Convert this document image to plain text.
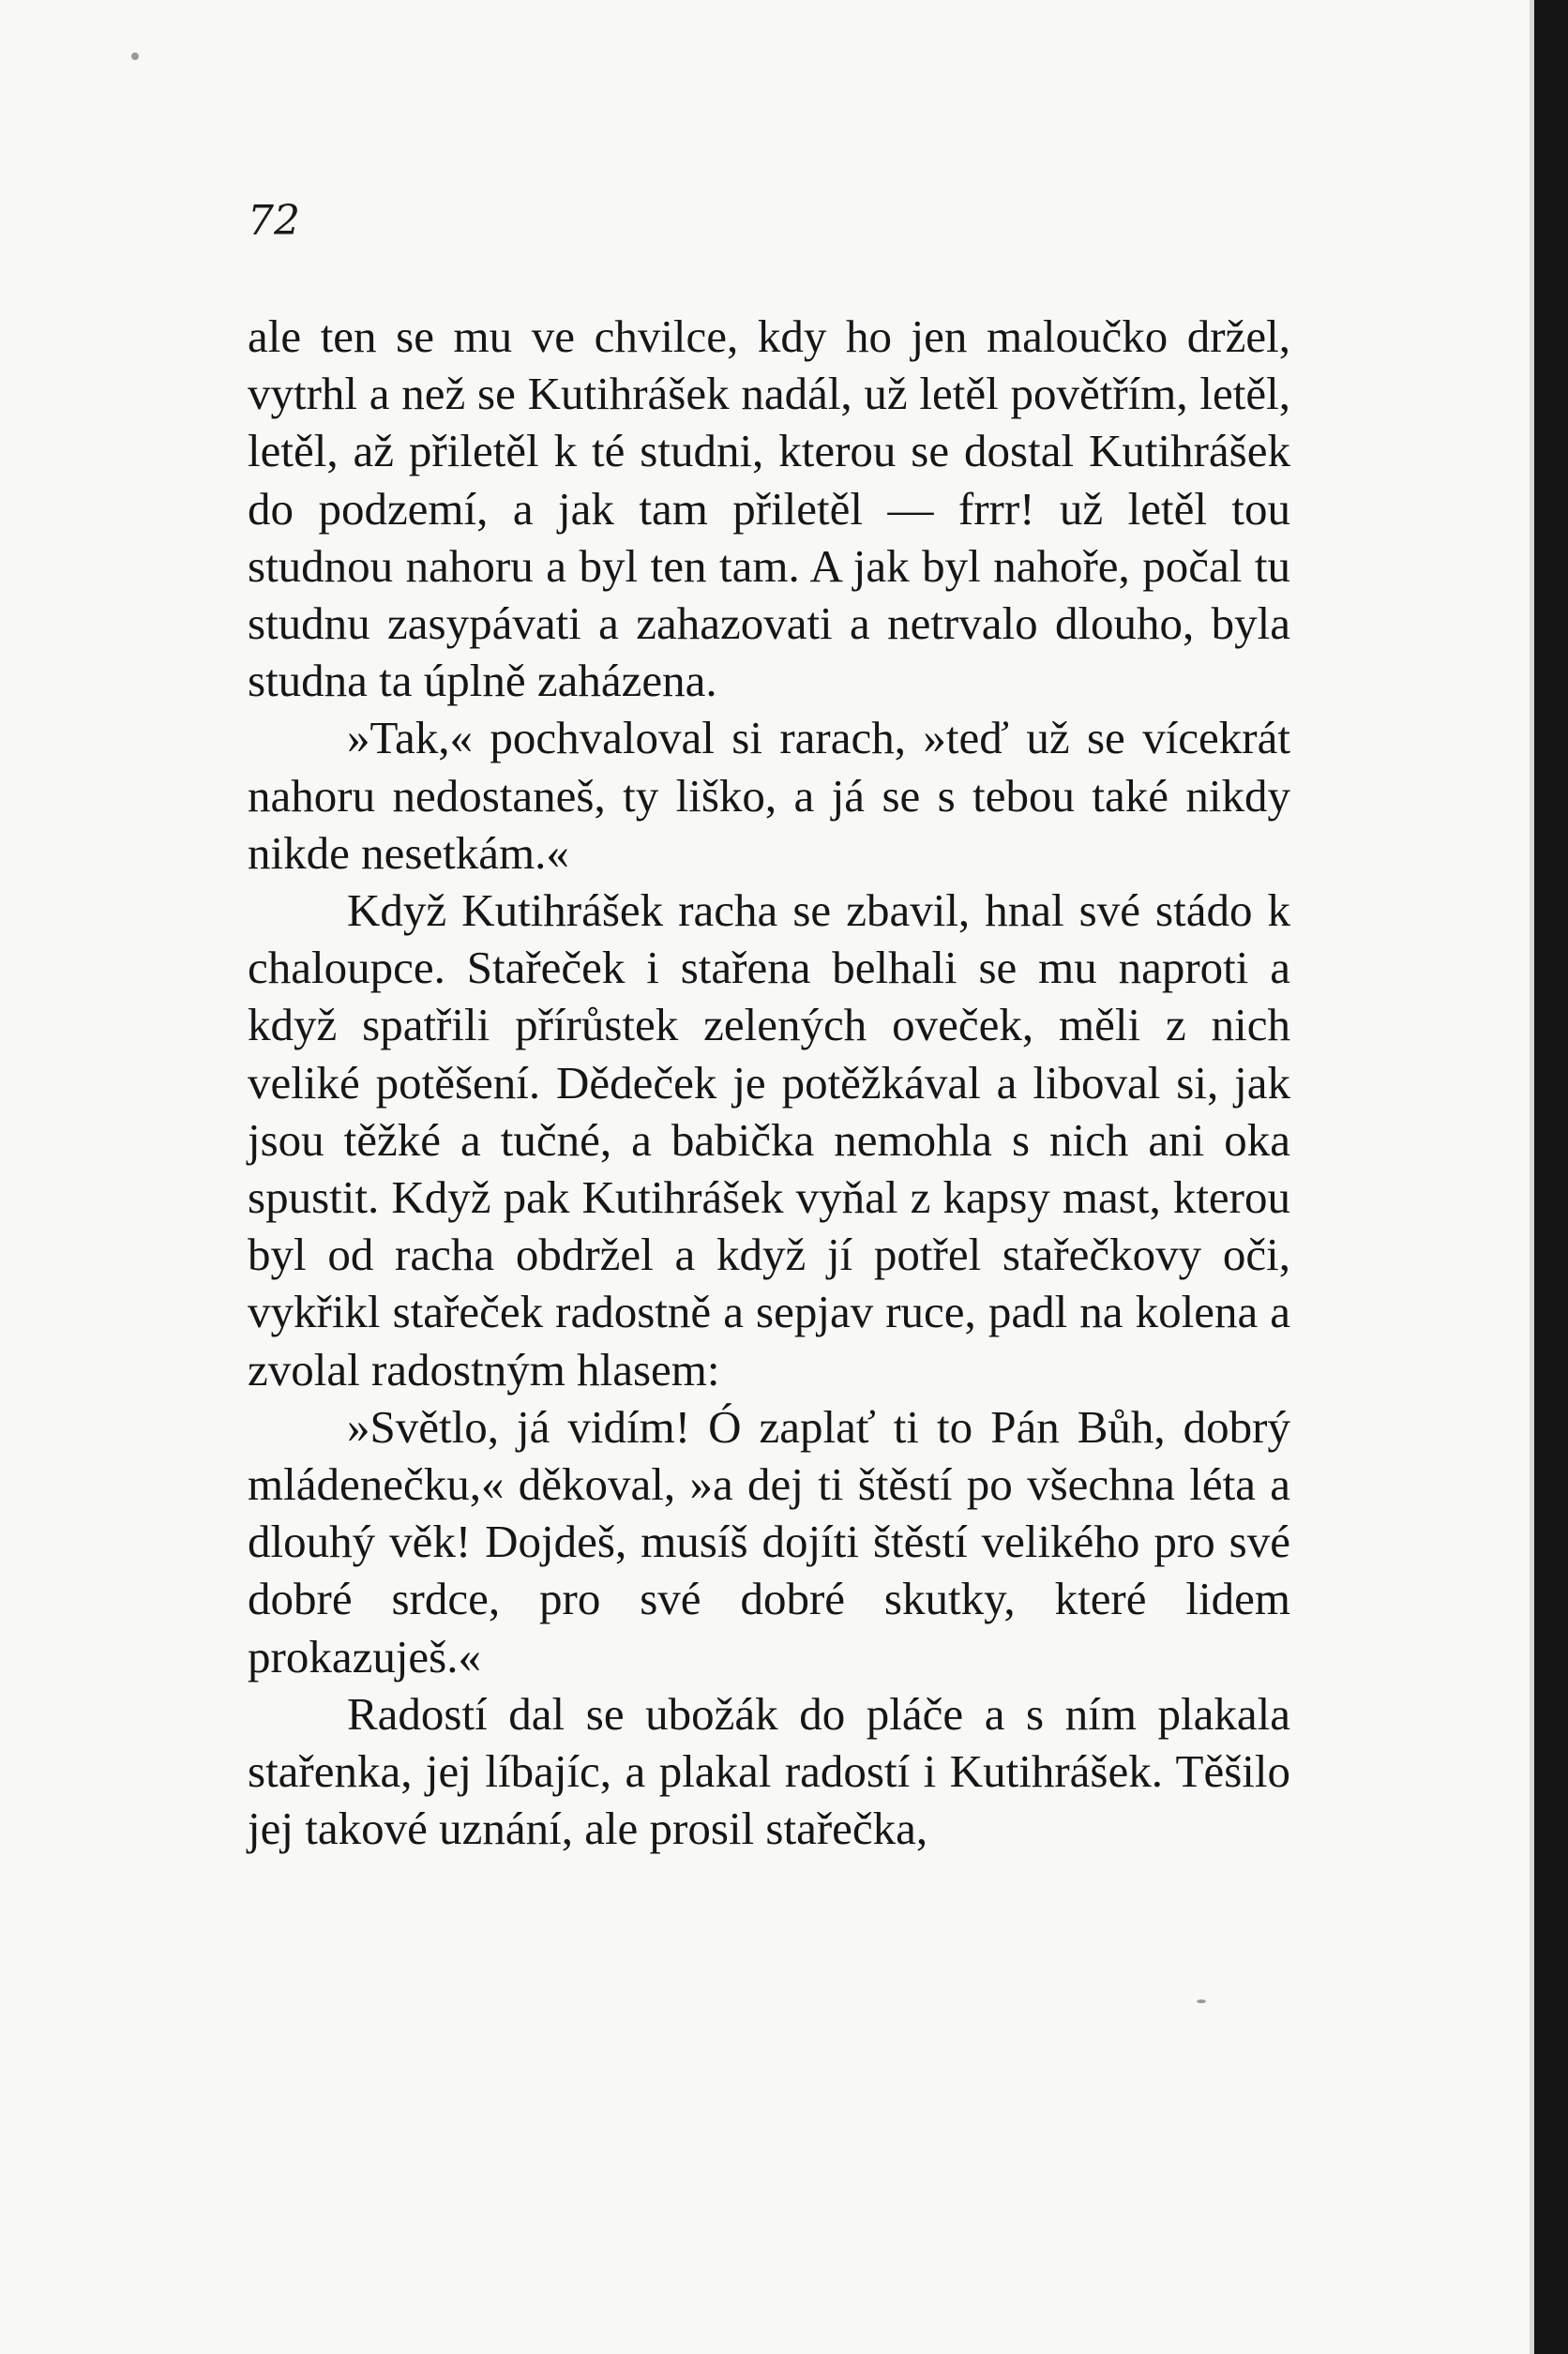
72

ale ten se mu ve chvilce, kdy ho jen maloučko držel, vytrhl a než se Kutihrášek nadál, už letěl povětřím, letěl, letěl, až přiletěl k té studni, kterou se dostal Kutihrášek do podzemí, a jak tam přiletěl — frrr! už letěl tou studnou nahoru a byl ten tam. A jak byl nahoře, počal tu studnu zasypávati a zahazovati a netrvalo dlouho, byla studna ta úplně zaházena.

»Tak,« pochvaloval si rarach, »teď už se vícekrát nahoru nedostaneš, ty liško, a já se s tebou také nikdy nikde nesetkám.«

Když Kutihrášek racha se zbavil, hnal své stádo k chaloupce. Stařeček i stařena belhali se mu naproti a když spatřili přírůstek zelených oveček, měli z nich veliké potěšení. Dědeček je potěžkával a liboval si, jak jsou těžké a tučné, a babička nemohla s nich ani oka spustit. Když pak Kutihrášek vyňal z kapsy mast, kterou byl od racha obdržel a když jí potřel stařečkovy oči, vykřikl stařeček radostně a sepjav ruce, padl na kolena a zvolal radostným hlasem:

»Světlo, já vidím! Ó zaplať ti to Pán Bůh, dobrý mládenečku,« děkoval, »a dej ti štěstí po všechna léta a dlouhý věk! Dojdeš, musíš dojíti štěstí velikého pro své dobré srdce, pro své dobré skutky, které lidem prokazuješ.«

Radostí dal se ubožák do pláče a s ním plakala stařenka, jej líbajíc, a plakal radostí i Kutihrášek. Těšilo jej takové uznání, ale prosil stařečka,
